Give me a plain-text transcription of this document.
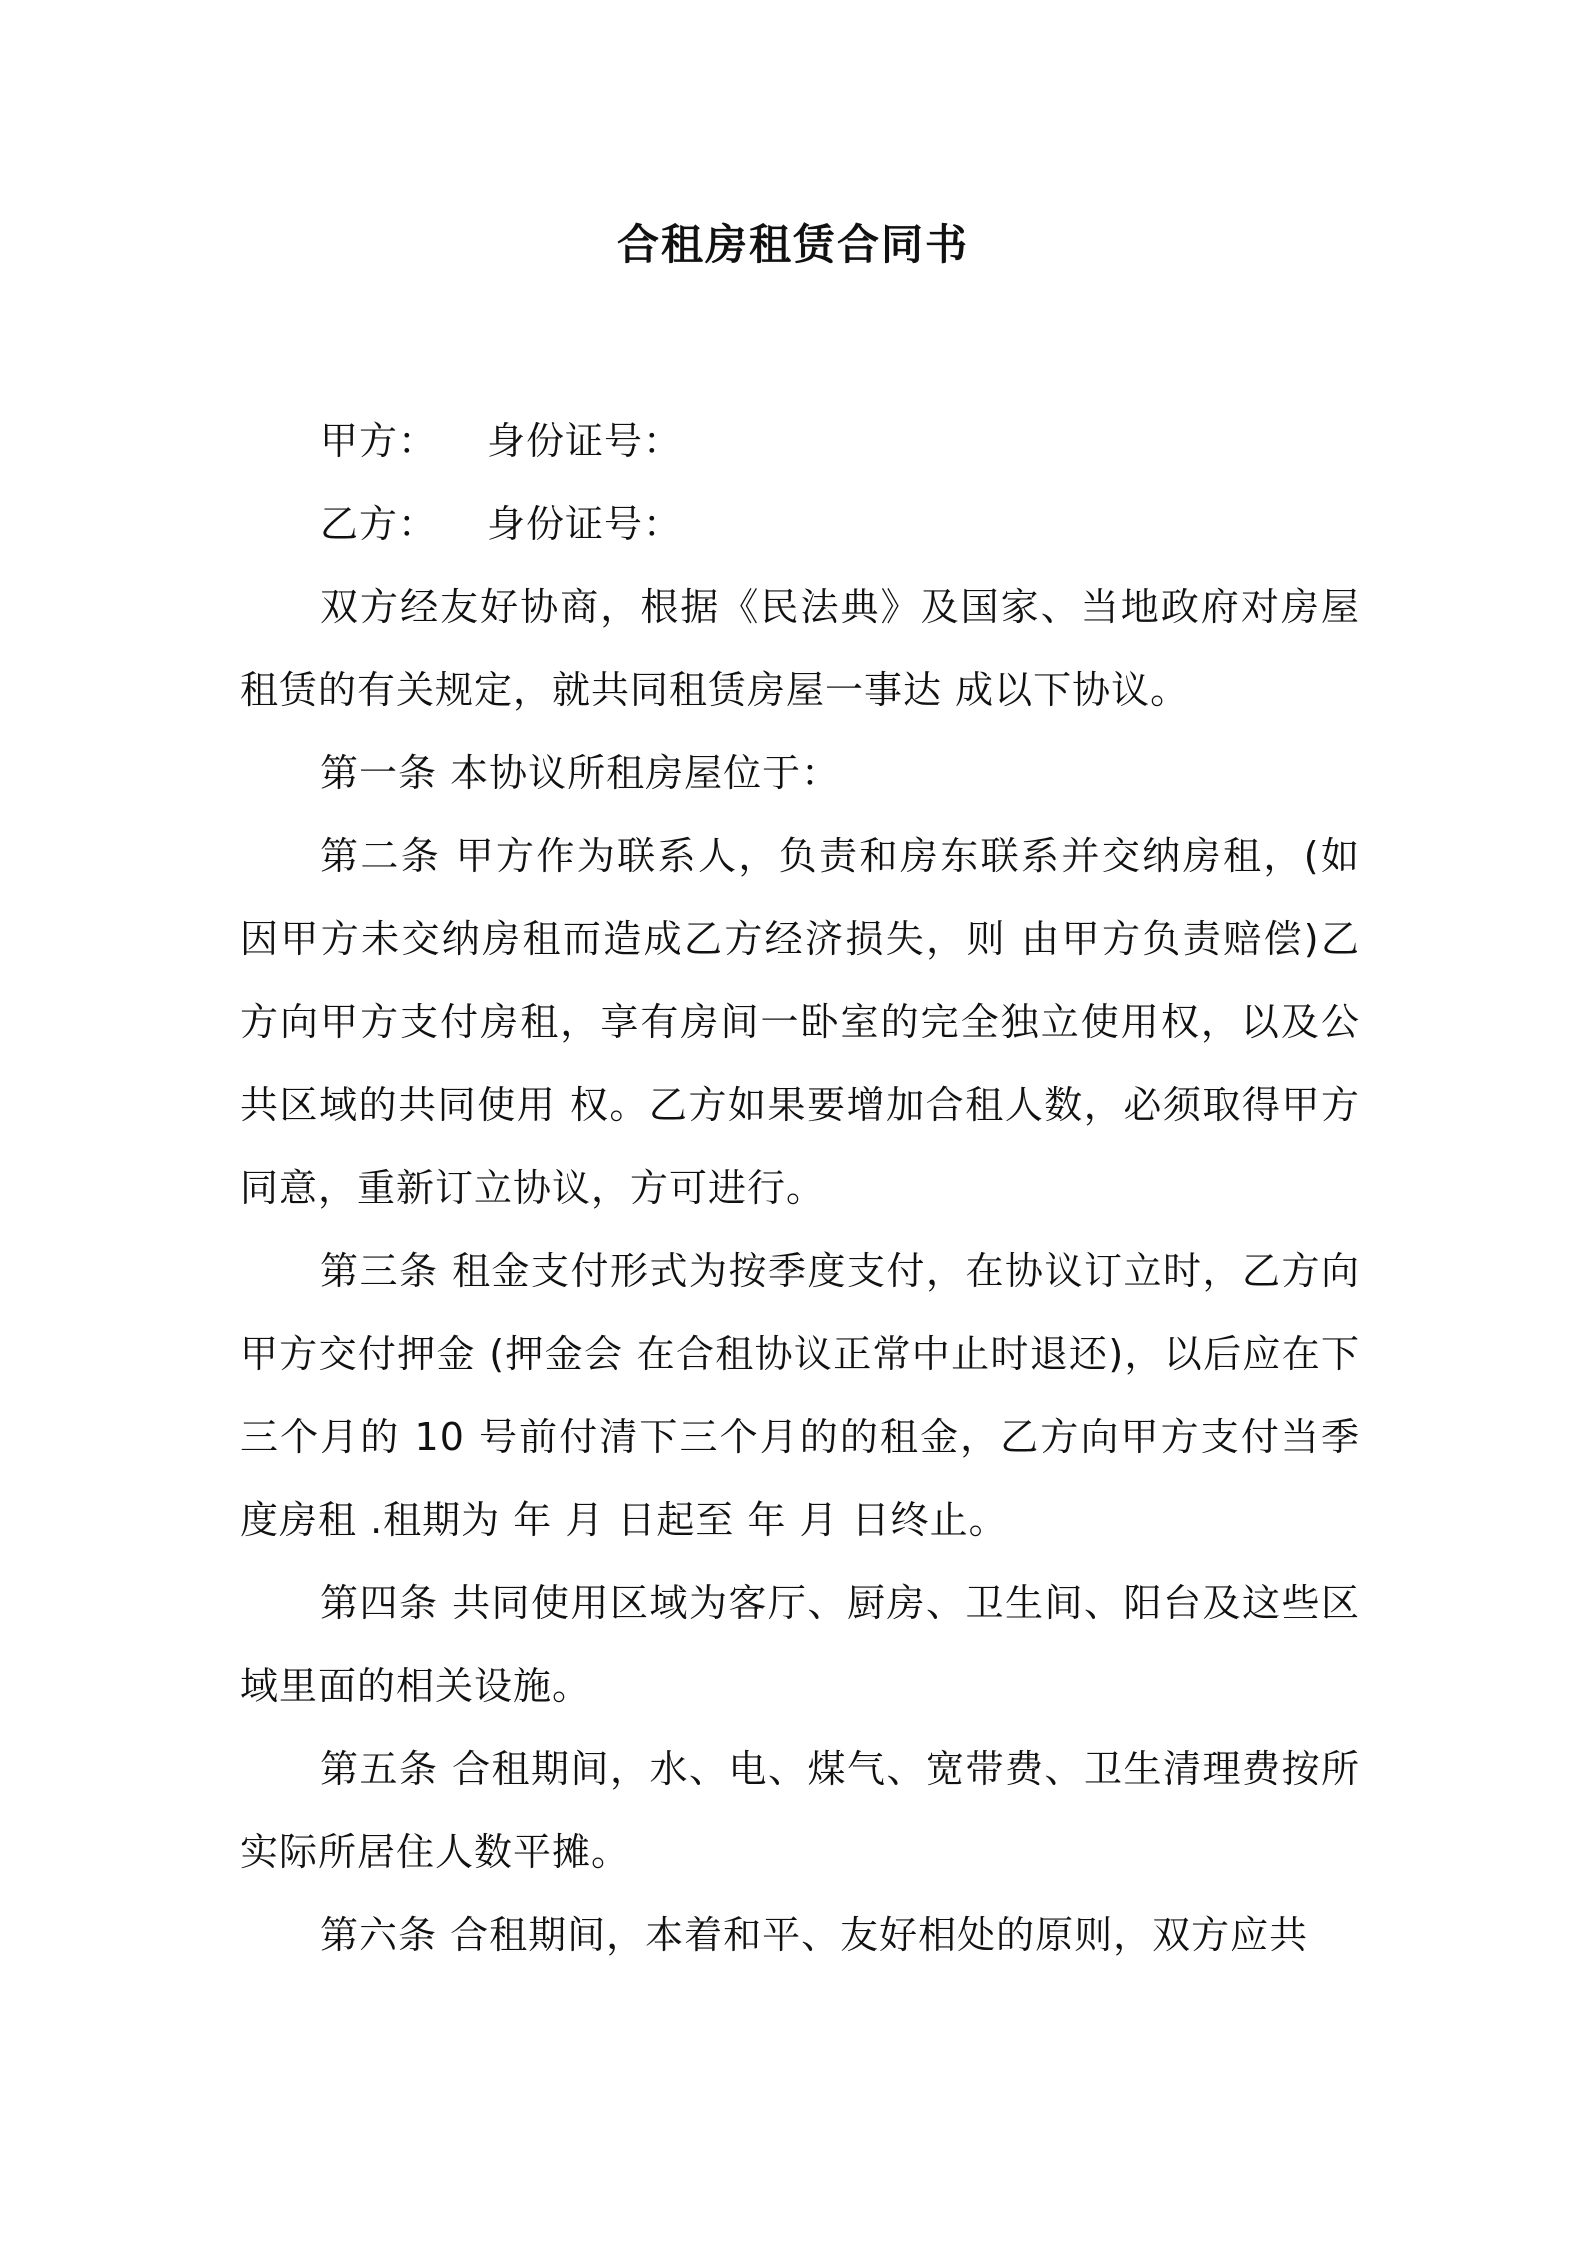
合租房租赁合同书

甲方： 身份证号：

乙方： 身份证号：

双方经友好协商，根据《民法典》及国家、当地政府对房屋租赁的有关规定，就共同租赁房屋一事达 成以下协议。

第一条 本协议所租房屋位于：

第二条 甲方作为联系人，负责和房东联系并交纳房租，(如因甲方未交纳房租而造成乙方经济损失，则 由甲方负责赔偿)乙方向甲方支付房租，享有房间一卧室的完全独立使用权，以及公共区域的共同使用 权。乙方如果要增加合租人数，必须取得甲方同意，重新订立协议，方可进行。

第三条 租金支付形式为按季度支付，在协议订立时，乙方向甲方交付押金 (押金会 在合租协议正常中止时退还)，以后应在下三个月的 10 号前付清下三个月的的租金，乙方向甲方支付当季 度房租 .租期为 年 月 日起至 年 月 日终止。

第四条 共同使用区域为客厅、厨房、卫生间、阳台及这些区域里面的相关设施。

第五条 合租期间，水、电、煤气、宽带费、卫生清理费按所实际所居住人数平摊。

第六条 合租期间，本着和平、友好相处的原则，双方应共
